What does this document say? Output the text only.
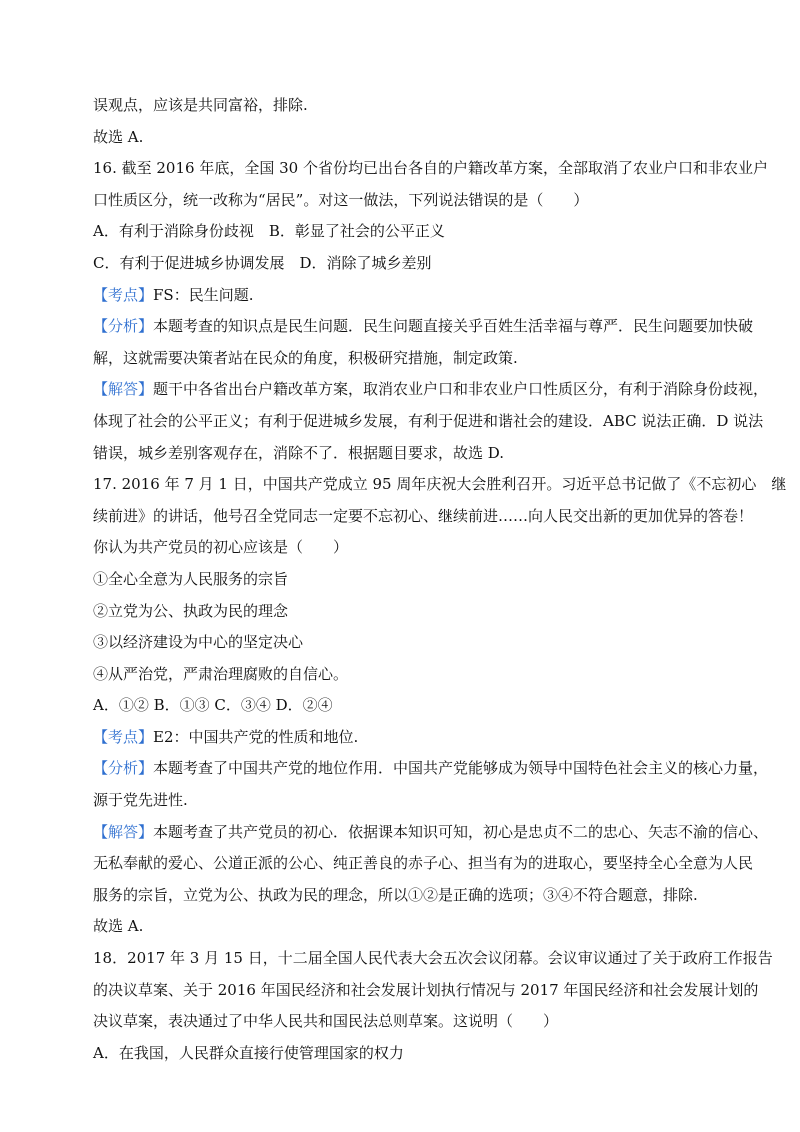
误观点，应该是共同富裕，排除.
故选 A.
16. 截至 2016 年底，全国 30 个省份均已出台各自的户籍改革方案，全部取消了农业户口和非农业户
口性质区分，统一改称为“居民”。对这一做法，下列说法错误的是（　　）
A．有利于消除身份歧视　B．彰显了社会的公平正义
C．有利于促进城乡协调发展　D．消除了城乡差别
【考点】FS：民生问题.
【分析】本题考查的知识点是民生问题．民生问题直接关乎百姓生活幸福与尊严．民生问题要加快破
解，这就需要决策者站在民众的角度，积极研究措施，制定政策.
【解答】题干中各省出台户籍改革方案，取消农业户口和非农业户口性质区分，有利于消除身份歧视，
体现了社会的公平正义；有利于促进城乡发展，有利于促进和谐社会的建设．ABC 说法正确．D 说法
错误，城乡差别客观存在，消除不了．根据题目要求，故选 D.
17. 2016 年 7 月 1 日，中国共产党成立 95 周年庆祝大会胜利召开。习近平总书记做了《不忘初心　继
续前进》的讲话，他号召全党同志一定要不忘初心、继续前进……向人民交出新的更加优异的答卷！
你认为共产党员的初心应该是（　　）
①全心全意为人民服务的宗旨
②立党为公、执政为民的理念
③以经济建设为中心的坚定决心
④从严治党，严肃治理腐败的自信心。
A．①② B．①③ C．③④ D．②④
【考点】E2：中国共产党的性质和地位.
【分析】本题考查了中国共产党的地位作用．中国共产党能够成为领导中国特色社会主义的核心力量，
源于党先进性.
【解答】本题考查了共产党员的初心．依据课本知识可知，初心是忠贞不二的忠心、矢志不渝的信心、
无私奉献的爱心、公道正派的公心、纯正善良的赤子心、担当有为的进取心，要坚持全心全意为人民
服务的宗旨，立党为公、执政为民的理念，所以①②是正确的选项；③④不符合题意，排除.
故选 A.
18．2017 年 3 月 15 日，十二届全国人民代表大会五次会议闭幕。会议审议通过了关于政府工作报告
的决议草案、关于 2016 年国民经济和社会发展计划执行情况与 2017 年国民经济和社会发展计划的
决议草案，表决通过了中华人民共和国民法总则草案。这说明（　　）
A．在我国，人民群众直接行使管理国家的权力
